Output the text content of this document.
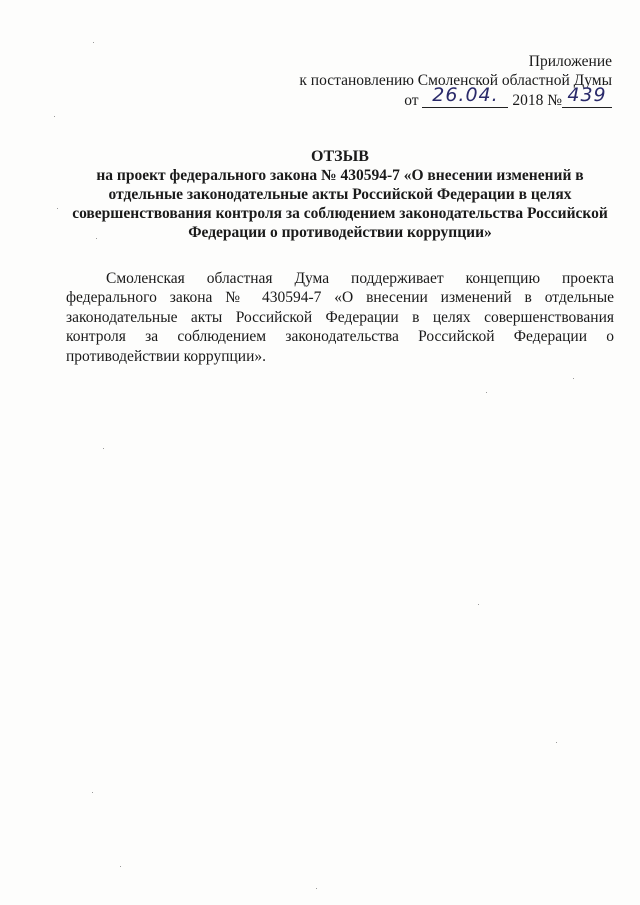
Приложение
к постановлению Смоленской областной Думы
от 26.04. 2018 № 439
ОТЗЫВ
на проект федерального закона № 430594-7 «О внесении изменений в отдельные законодательные акты Российской Федерации в целях совершенствования контроля за соблюдением законодательства Российской Федерации о противодействии коррупции»

Смоленская областная Дума поддерживает концепцию проекта федерального закона № 430594-7 «О внесении изменений в отдельные законодательные акты Российской Федерации в целях совершенствования контроля за соблюдением законодательства Российской Федерации о противодействии коррупции».
